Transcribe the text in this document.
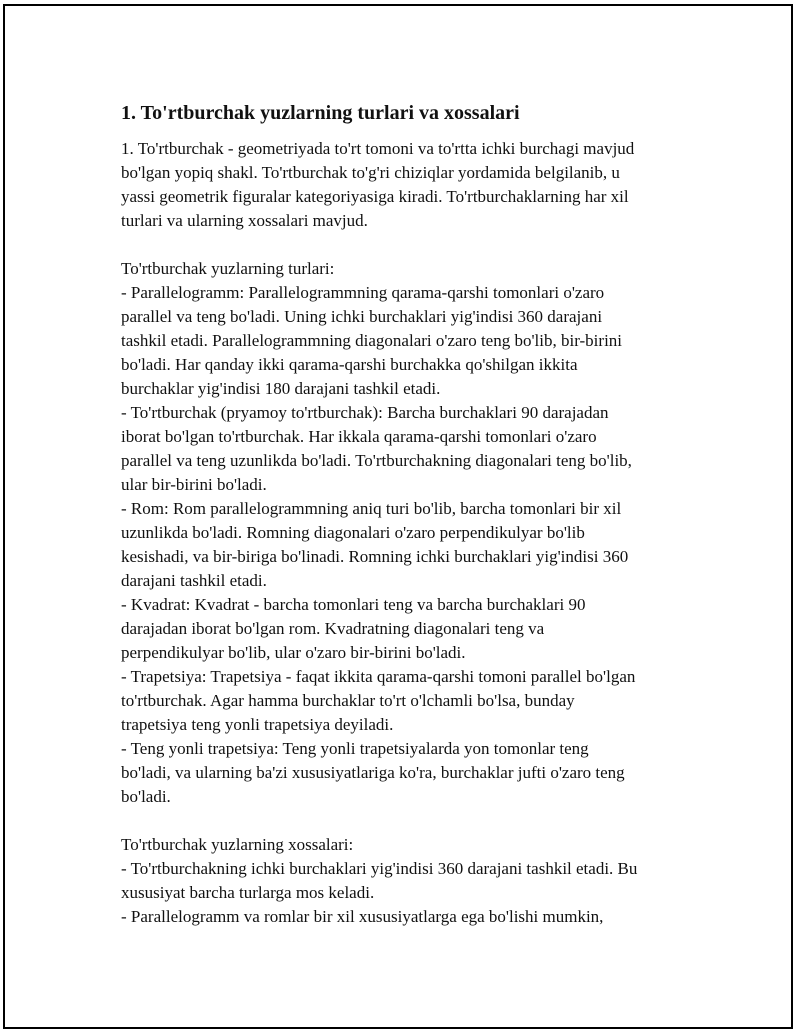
1. To'rtburchak yuzlarning turlari va xossalari
1. To'rtburchak - geometriyada to'rt tomoni va to'rtta ichki burchagi mavjud
bo'lgan yopiq shakl. To'rtburchak to'g'ri chiziqlar yordamida belgilanib, u
yassi geometrik figuralar kategoriyasiga kiradi. To'rtburchaklarning har xil
turlari va ularning xossalari mavjud.
To'rtburchak yuzlarning turlari:
- Parallelogramm: Parallelogrammning qarama-qarshi tomonlari o'zaro
parallel va teng bo'ladi. Uning ichki burchaklari yig'indisi 360 darajani
tashkil etadi. Parallelogrammning diagonalari o'zaro teng bo'lib, bir-birini
bo'ladi. Har qanday ikki qarama-qarshi burchakka qo'shilgan ikkita
burchaklar yig'indisi 180 darajani tashkil etadi.
- To'rtburchak (pryamoy to'rtburchak): Barcha burchaklari 90 darajadan
iborat bo'lgan to'rtburchak. Har ikkala qarama-qarshi tomonlari o'zaro
parallel va teng uzunlikda bo'ladi. To'rtburchakning diagonalari teng bo'lib,
ular bir-birini bo'ladi.
- Rom: Rom parallelogrammning aniq turi bo'lib, barcha tomonlari bir xil
uzunlikda bo'ladi. Romning diagonalari o'zaro perpendikulyar bo'lib
kesishadi, va bir-biriga bo'linadi. Romning ichki burchaklari yig'indisi 360
darajani tashkil etadi.
- Kvadrat: Kvadrat - barcha tomonlari teng va barcha burchaklari 90
darajadan iborat bo'lgan rom. Kvadratning diagonalari teng va
perpendikulyar bo'lib, ular o'zaro bir-birini bo'ladi.
- Trapetsiya: Trapetsiya - faqat ikkita qarama-qarshi tomoni parallel bo'lgan
to'rtburchak. Agar hamma burchaklar to'rt o'lchamli bo'lsa, bunday
trapetsiya teng yonli trapetsiya deyiladi.
- Teng yonli trapetsiya: Teng yonli trapetsiyalarda yon tomonlar teng
bo'ladi, va ularning ba'zi xususiyatlariga ko'ra, burchaklar jufti o'zaro teng
bo'ladi.
To'rtburchak yuzlarning xossalari:
- To'rtburchakning ichki burchaklari yig'indisi 360 darajani tashkil etadi. Bu
xususiyat barcha turlarga mos keladi.
- Parallelogramm va romlar bir xil xususiyatlarga ega bo'lishi mumkin,
